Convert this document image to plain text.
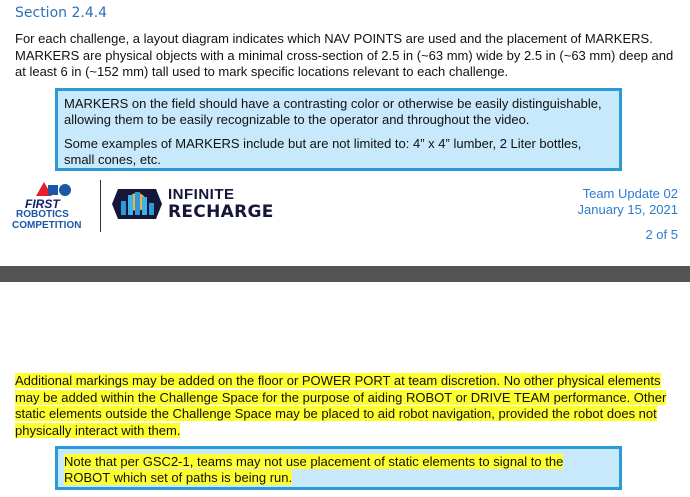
Section 2.4.4
For each challenge, a layout diagram indicates which NAV POINTS are used and the placement of MARKERS. MARKERS are physical objects with a minimal cross-section of 2.5 in (~63 mm) wide by 2.5 in (~63 mm) deep and at least 6 in (~152 mm) tall used to mark specific locations relevant to each challenge.

MARKERS on the field should have a contrasting color or otherwise be easily distinguishable, allowing them to be easily recognizable to the operator and throughout the video.

Some examples of MARKERS include but are not limited to: 4” x 4” lumber, 2 Liter bottles, small cones, etc.

FIRST
ROBOTICS
COMPETITION
INFINITE
RECHARGE
Team Update 02
January 15, 2021
2 of 5
Additional markings may be added on the floor or POWER PORT at team discretion. No other physical elements may be added within the Challenge Space for the purpose of aiding ROBOT or DRIVE TEAM performance. Other static elements outside the Challenge Space may be placed to aid robot navigation, provided the robot does not physically interact with them.
Note that per GSC2-1, teams may not use placement of static elements to signal to the ROBOT which set of paths is being run.
